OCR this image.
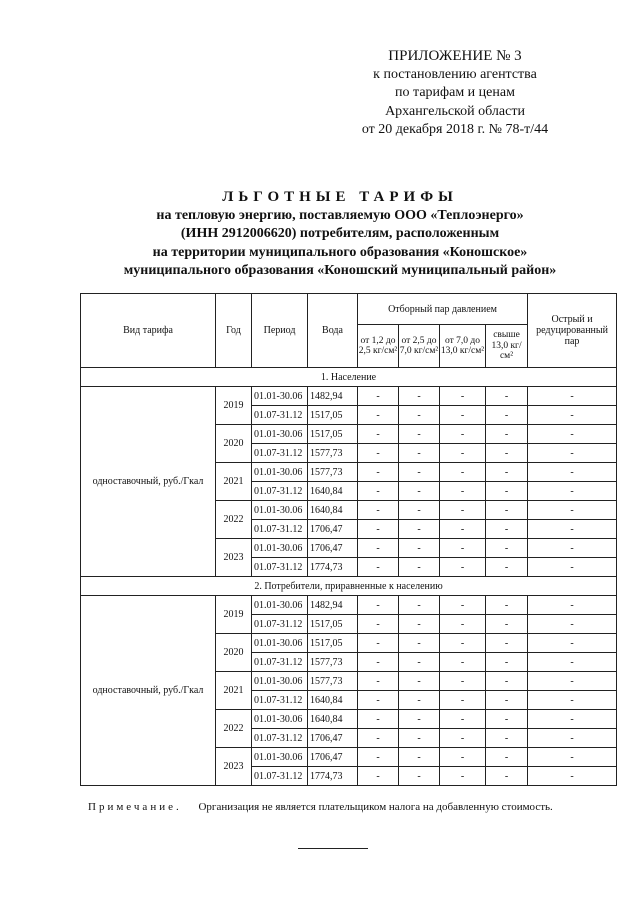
ПРИЛОЖЕНИЕ № 3
к постановлению агентства
по тарифам и ценам
Архангельской области
от 20 декабря 2018 г. № 78-т/44
ЛЬГОТНЫЕ ТАРИФЫ
на тепловую энергию, поставляемую ООО «Теплоэнерго»
(ИНН 2912006620) потребителям, расположенным
на территории муниципального образования «Коношское»
муниципального образования «Коношский муниципальный район»
Вид тарифа	Год	Период	Вода	Отборный пар давлением				Острый и редуцированный пар
				от 1,2 до 2,5 кг/см²	от 2,5 до 7,0 кг/см²	от 7,0 до 13,0 кг/см²	свыше 13,0 кг/см²	
1. Население								
одноставочный, руб./Гкал	2019	01.01-30.06	1482,94	-	-	-	-	-
		01.07-31.12	1517,05	-	-	-	-	-
	2020	01.01-30.06	1517,05	-	-	-	-	-
		01.07-31.12	1577,73	-	-	-	-	-
	2021	01.01-30.06	1577,73	-	-	-	-	-
		01.07-31.12	1640,84	-	-	-	-	-
	2022	01.01-30.06	1640,84	-	-	-	-	-
		01.07-31.12	1706,47	-	-	-	-	-
	2023	01.01-30.06	1706,47	-	-	-	-	-
		01.07-31.12	1774,73	-	-	-	-	-
2. Потребители, приравненные к населению								
одноставочный, руб./Гкал	2019	01.01-30.06	1482,94	-	-	-	-	-
		01.07-31.12	1517,05	-	-	-	-	-
	2020	01.01-30.06	1517,05	-	-	-	-	-
		01.07-31.12	1577,73	-	-	-	-	-
	2021	01.01-30.06	1577,73	-	-	-	-	-
		01.07-31.12	1640,84	-	-	-	-	-
	2022	01.01-30.06	1640,84	-	-	-	-	-
		01.07-31.12	1706,47	-	-	-	-	-
	2023	01.01-30.06	1706,47	-	-	-	-	-
		01.07-31.12	1774,73	-	-	-	-	-
Примечание. Организация не является плательщиком налога на добавленную стоимость.
